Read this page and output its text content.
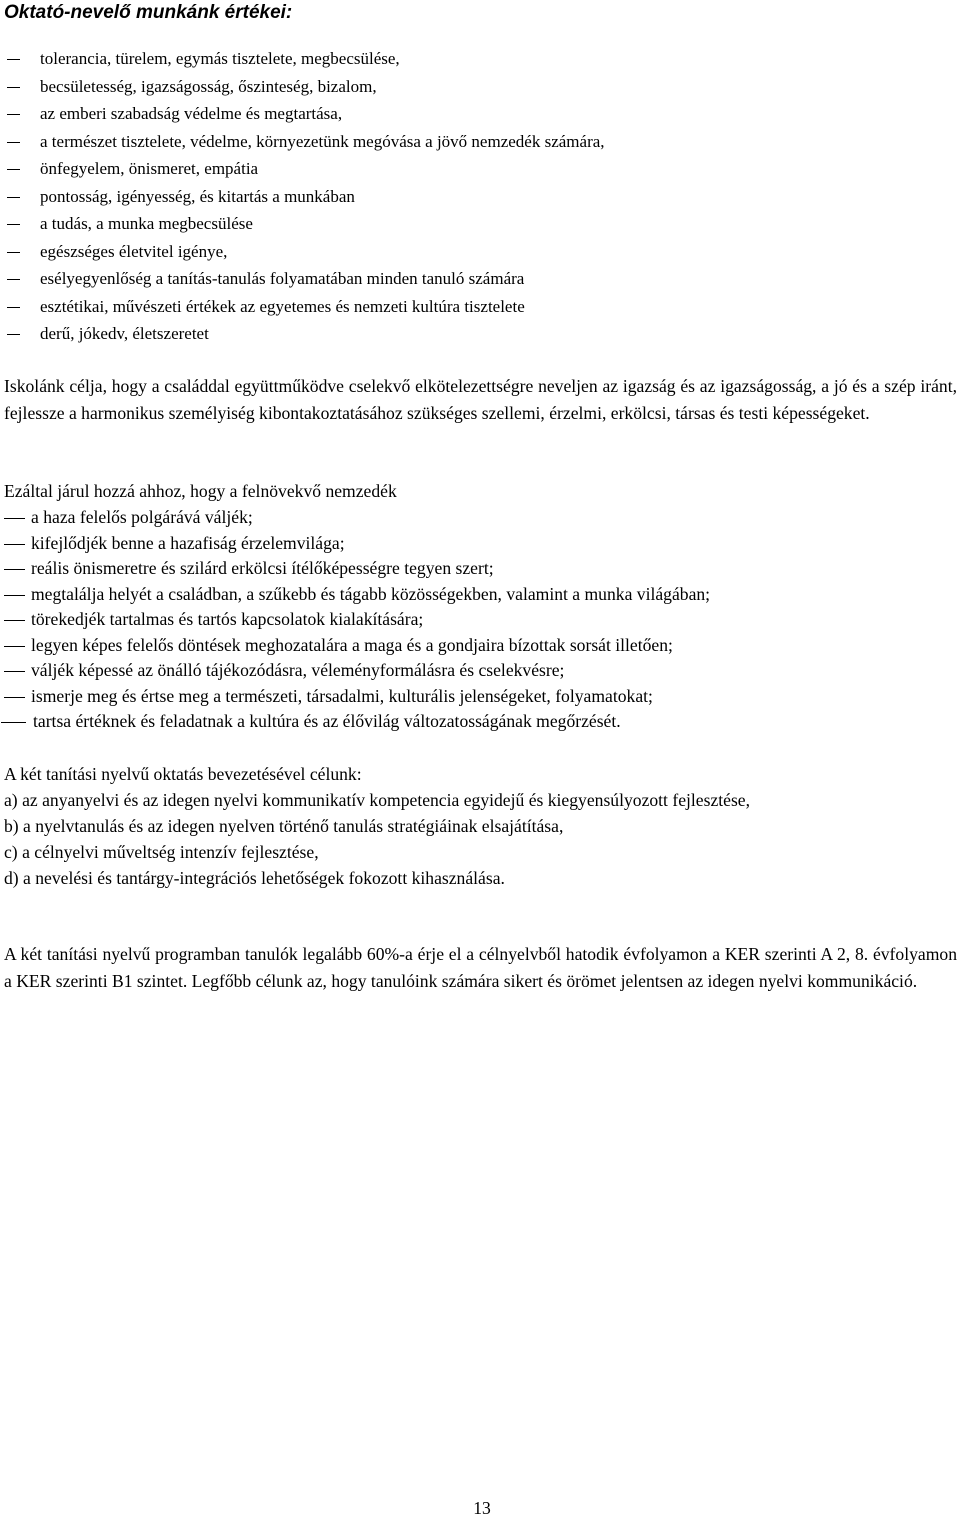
Oktató-nevelő munkánk értékei:
tolerancia, türelem, egymás tisztelete, megbecsülése,
becsületesség, igazságosság, őszinteség, bizalom,
az emberi szabadság védelme és megtartása,
a természet tisztelete, védelme, környezetünk megóvása a jövő nemzedék számára,
önfegyelem, önismeret, empátia
pontosság, igényesség, és kitartás a munkában
a tudás, a munka megbecsülése
egészséges életvitel igénye,
esélyegyenlőség a tanítás-tanulás folyamatában minden tanuló számára
esztétikai, művészeti értékek az egyetemes és nemzeti kultúra tisztelete
derű, jókedv, életszeretet

Iskolánk célja, hogy a családdal együttműködve cselekvő elkötelezettségre neveljen az igazság és az igazságosság, a jó és a szép iránt, fejlessze a harmonikus személyiség kibontakoztatásához szükséges szellemi, érzelmi, erkölcsi, társas és testi képességeket.

Ezáltal járul hozzá ahhoz, hogy a felnövekvő nemzedék

a haza felelős polgárává váljék;
kifejlődjék benne a hazafiság érzelemvilága;
reális önismeretre és szilárd erkölcsi ítélőképességre tegyen szert;
megtalálja helyét a családban, a szűkebb és tágabb közösségekben, valamint a munka világában;
törekedjék tartalmas és tartós kapcsolatok kialakítására;
legyen képes felelős döntések meghozatalára a maga és a gondjaira bízottak sorsát illetően;
váljék képessé az önálló tájékozódásra, véleményformálásra és cselekvésre;
ismerje meg és értse meg a természeti, társadalmi, kulturális jelenségeket, folyamatokat;
tartsa értéknek és feladatnak a kultúra és az élővilág változatosságának megőrzését.
A két tanítási nyelvű oktatás bevezetésével célunk:
a) az anyanyelvi és az idegen nyelvi kommunikatív kompetencia egyidejű és kiegyensúlyozott fejlesztése,
b) a nyelvtanulás és az idegen nyelven történő tanulás stratégiáinak elsajátítása,
c) a célnyelvi műveltség intenzív fejlesztése,
d) a nevelési és tantárgy-integrációs lehetőségek fokozott kihasználása.

A két tanítási nyelvű programban tanulók legalább 60%-a érje el a célnyelvből hatodik évfolyamon a KER szerinti A 2, 8. évfolyamon a KER szerinti B1 szintet. Legfőbb célunk az, hogy tanulóink számára sikert és örömet jelentsen az idegen nyelvi kommunikáció.

13
